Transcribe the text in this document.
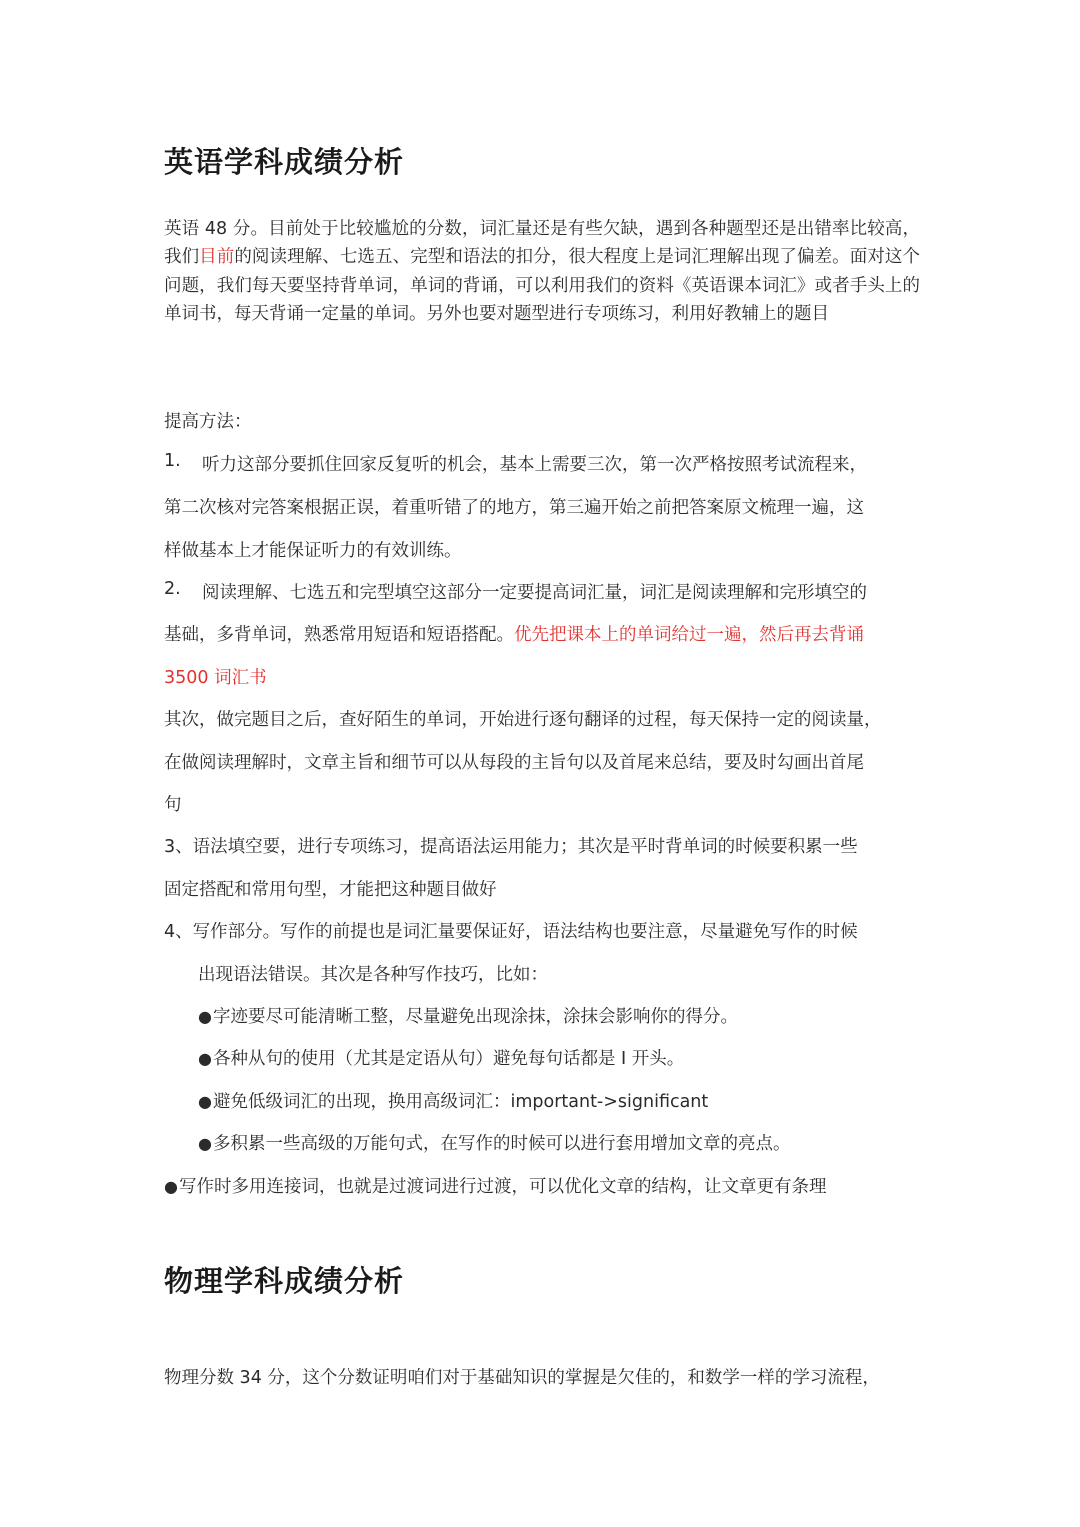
英语学科成绩分析
英语 48 分。目前处于比较尴尬的分数，词汇量还是有些欠缺，遇到各种题型还是出错率比较高，我们目前的阅读理解、七选五、完型和语法的扣分，很大程度上是词汇理解出现了偏差。面对这个问题，我们每天要坚持背单词，单词的背诵，可以利用我们的资料《英语课本词汇》或者手头上的单词书，每天背诵一定量的单词。另外也要对题型进行专项练习，利用好教辅上的题目
提高方法：
1. 听力这部分要抓住回家反复听的机会，基本上需要三次，第一次严格按照考试流程来，
第二次核对完答案根据正误，着重听错了的地方，第三遍开始之前把答案原文梳理一遍，这
样做基本上才能保证听力的有效训练。
2. 阅读理解、七选五和完型填空这部分一定要提高词汇量，词汇是阅读理解和完形填空的
基础，多背单词，熟悉常用短语和短语搭配。优先把课本上的单词给过一遍，然后再去背诵
3500 词汇书
其次，做完题目之后，查好陌生的单词，开始进行逐句翻译的过程，每天保持一定的阅读量，
在做阅读理解时，文章主旨和细节可以从每段的主旨句以及首尾来总结，要及时勾画出首尾
句
3、语法填空要，进行专项练习，提高语法运用能力；其次是平时背单词的时候要积累一些
固定搭配和常用句型，才能把这种题目做好
4、写作部分。写作的前提也是词汇量要保证好，语法结构也要注意，尽量避免写作的时候
出现语法错误。其次是各种写作技巧，比如：
●字迹要尽可能清晰工整，尽量避免出现涂抹，涂抹会影响你的得分。
●各种从句的使用（尤其是定语从句）避免每句话都是 I 开头。
●避免低级词汇的出现，换用高级词汇：important->significant
●多积累一些高级的万能句式，在写作的时候可以进行套用增加文章的亮点。
●写作时多用连接词，也就是过渡词进行过渡，可以优化文章的结构，让文章更有条理
物理学科成绩分析
物理分数 34 分，这个分数证明咱们对于基础知识的掌握是欠佳的，和数学一样的学习流程，
